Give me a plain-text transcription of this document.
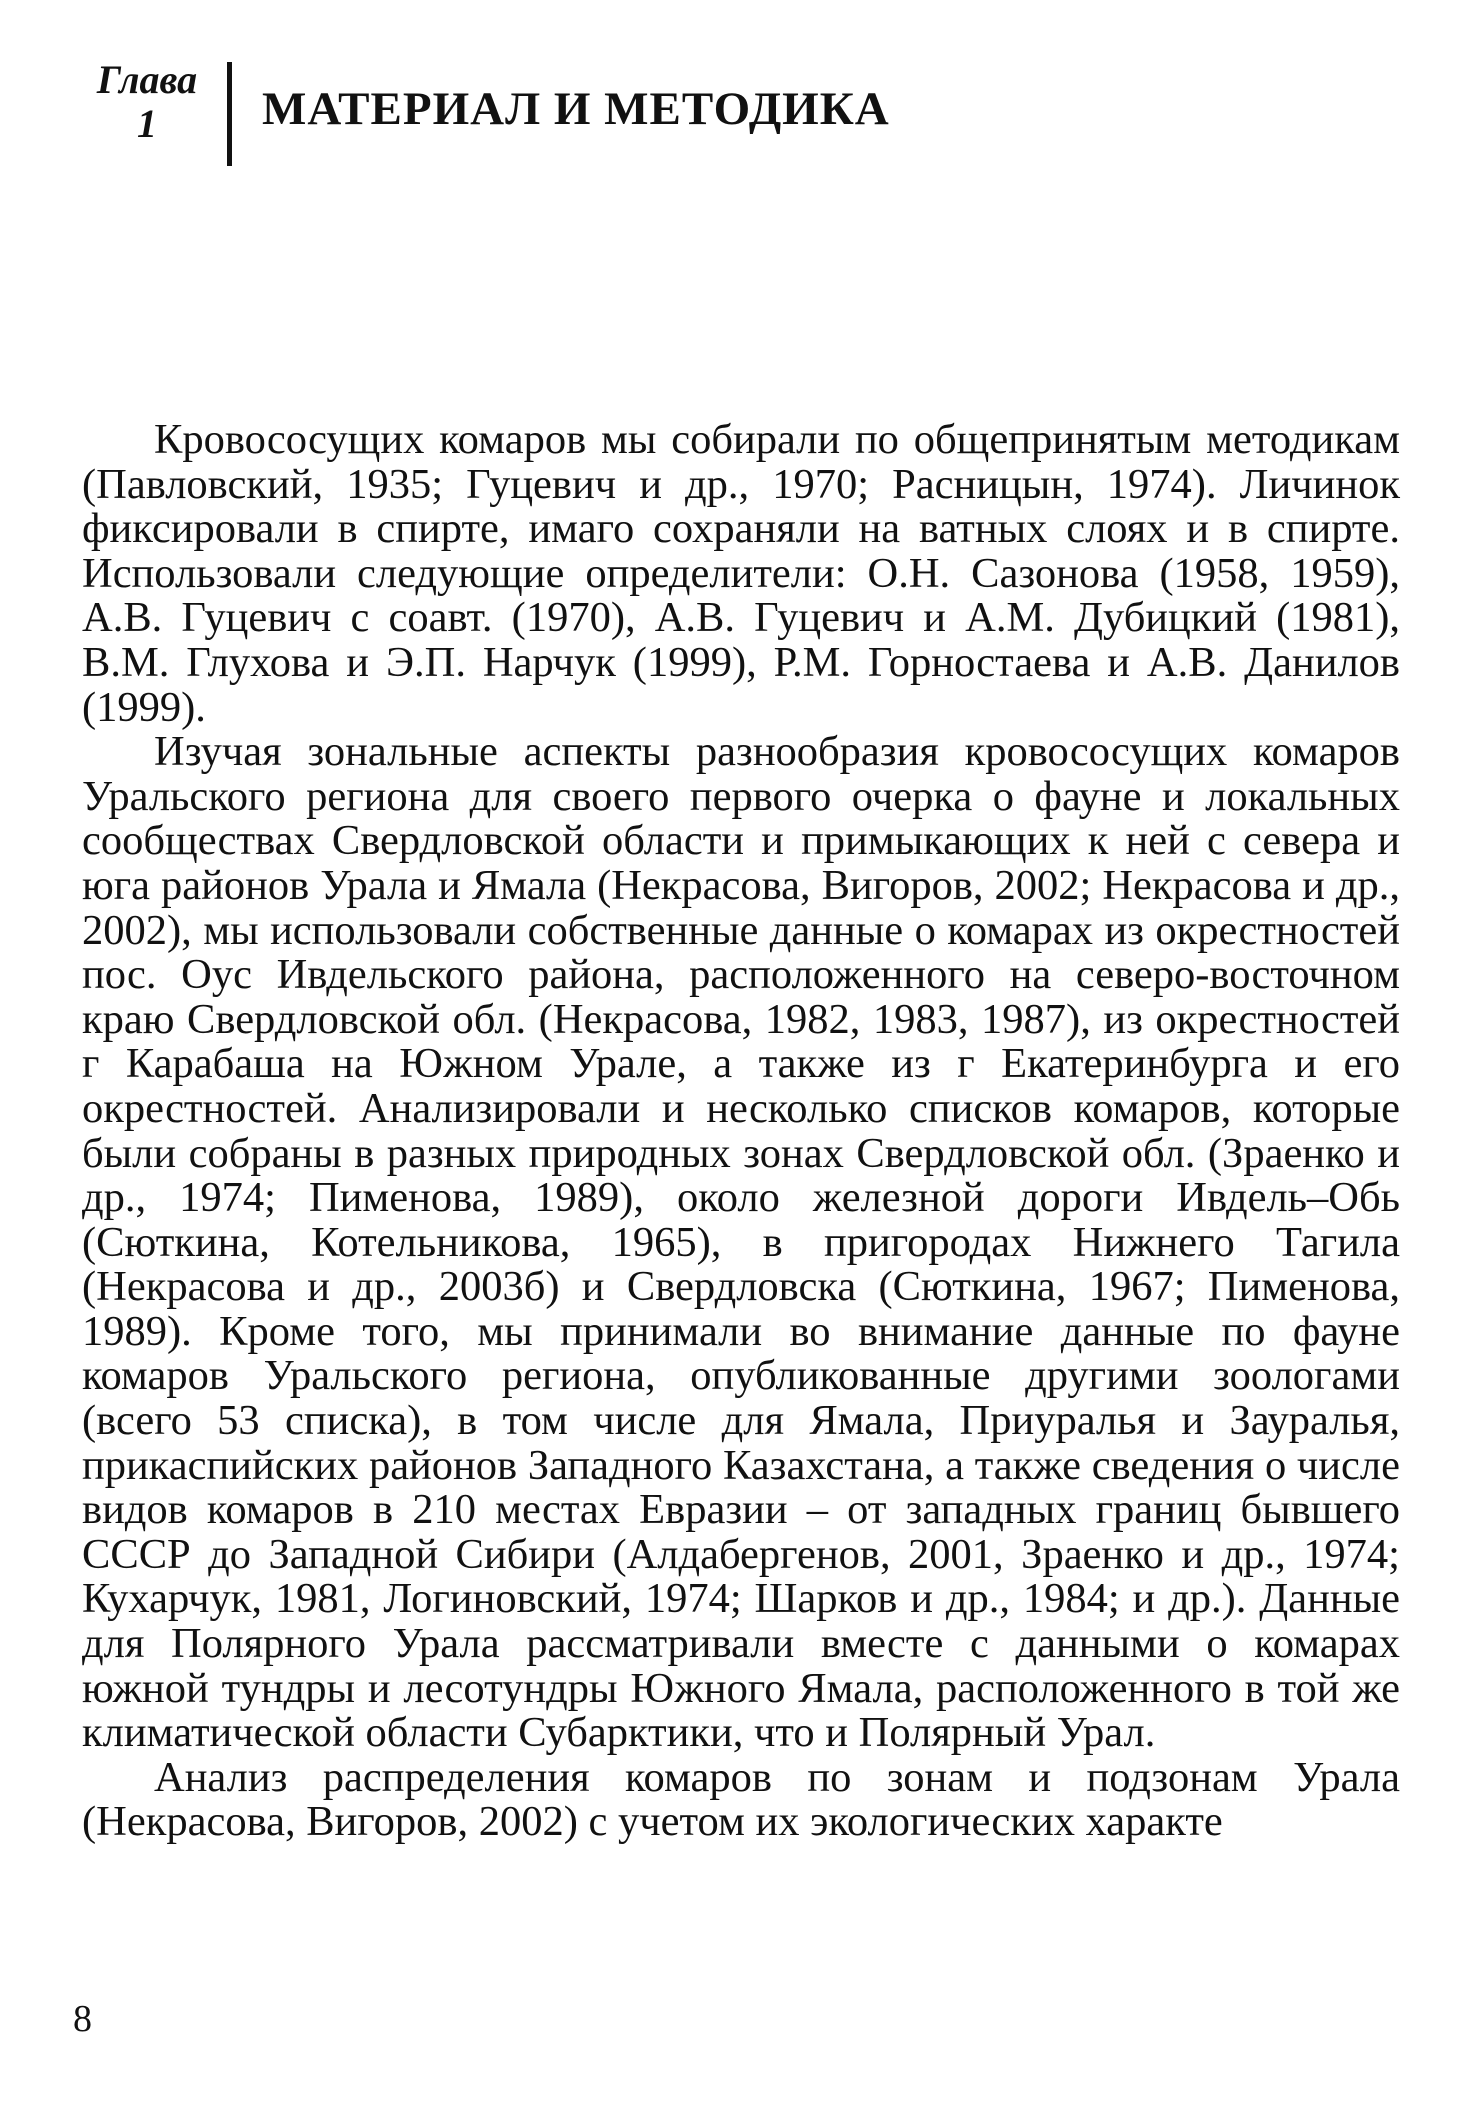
Глава
1	МАТЕРИАЛ И МЕТОДИКА

Кровососущих комаров мы собирали по общепринятым методикам (Павловский, 1935; Гуцевич и др., 1970; Расницын, 1974). Личинок фиксировали в спирте, имаго сохраняли на ватных слоях и в спирте. Использовали следующие определители: О.Н. Сазонова (1958, 1959), А.В. Гуцевич с соавт. (1970), А.В. Гуцевич и А.М. Дубицкий (1981), В.М. Глухова и Э.П. Нарчук (1999), Р.М. Горностаева и А.В. Данилов (1999).

Изучая зональные аспекты разнообразия кровососущих комаров Уральского региона для своего первого очерка о фауне и локальных сообществах Свердловской области и примыкающих к ней с севера и юга районов Урала и Ямала (Некрасова, Вигоров, 2002; Некрасова и др., 2002), мы использовали собственные данные о комарах из окрестностей пос. Оус Ивдельского района, расположенного на северо-восточном краю Свердловской обл. (Некрасова, 1982, 1983, 1987), из окрестностей г Карабаша на Южном Урале, а также из г Екатеринбурга и его окрестностей. Анализировали и несколько списков комаров, которые были собраны в разных природных зонах Свердловской обл. (Зраенко и др., 1974; Пименова, 1989), около железной дороги Ивдель–Обь (Сюткина, Котельникова, 1965), в пригородах Нижнего Тагила (Некрасова и др., 2003б) и Свердловска (Сюткина, 1967; Пименова, 1989). Кроме того, мы принимали во внимание данные по фауне комаров Уральского региона, опубликованные другими зоологами (всего 53 списка), в том числе для Ямала, Приуралья и Зауралья, прикаспийских районов Западного Казахстана, а также сведения о числе видов комаров в 210 местах Евразии – от западных границ бывшего СССР до Западной Сибири (Алдабергенов, 2001, Зраенко и др., 1974; Кухарчук, 1981, Логиновский, 1974; Шарков и др., 1984; и др.). Данные для Полярного Урала рассматривали вместе с данными о комарах южной тундры и лесотундры Южного Ямала, расположенного в той же климатической области Субарктики, что и Полярный Урал.

Анализ распределения комаров по зонам и подзонам Урала (Некрасова, Вигоров, 2002) с учетом их экологических характе

8
